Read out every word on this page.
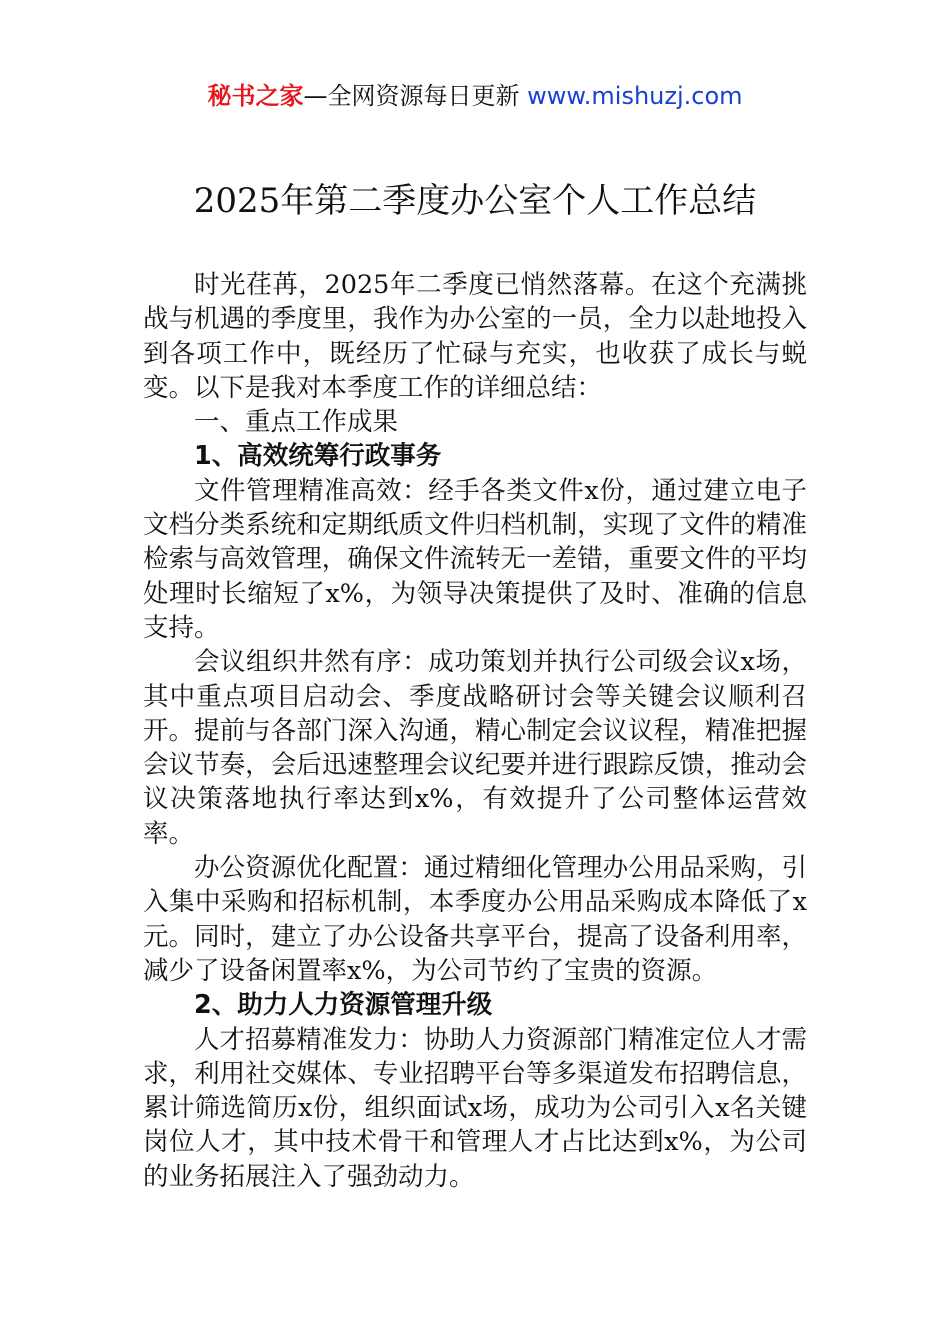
秘书之家—全网资源每日更新 www.mishuzj.com
2025年第二季度办公室个人工作总结

时光荏苒，2025年二季度已悄然落幕。在这个充满挑战与机遇的季度里，我作为办公室的一员，全力以赴地投入到各项工作中，既经历了忙碌与充实，也收获了成长与蜕变。以下是我对本季度工作的详细总结：

一、重点工作成果

1、高效统筹行政事务

文件管理精准高效：经手各类文件x份，通过建立电子文档分类系统和定期纸质文件归档机制，实现了文件的精准检索与高效管理，确保文件流转无一差错，重要文件的平均处理时长缩短了x%，为领导决策提供了及时、准确的信息支持。

会议组织井然有序：成功策划并执行公司级会议x场，其中重点项目启动会、季度战略研讨会等关键会议顺利召开。提前与各部门深入沟通，精心制定会议议程，精准把握会议节奏，会后迅速整理会议纪要并进行跟踪反馈，推动会议决策落地执行率达到x%，有效提升了公司整体运营效率。

办公资源优化配置：通过精细化管理办公用品采购，引入集中采购和招标机制，本季度办公用品采购成本降低了x元。同时，建立了办公设备共享平台，提高了设备利用率，减少了设备闲置率x%，为公司节约了宝贵的资源。

2、助力人力资源管理升级

人才招募精准发力：协助人力资源部门精准定位人才需求，利用社交媒体、专业招聘平台等多渠道发布招聘信息，累计筛选简历x份，组织面试x场，成功为公司引入x名关键岗位人才，其中技术骨干和管理人才占比达到x%，为公司的业务拓展注入了强劲动力。
